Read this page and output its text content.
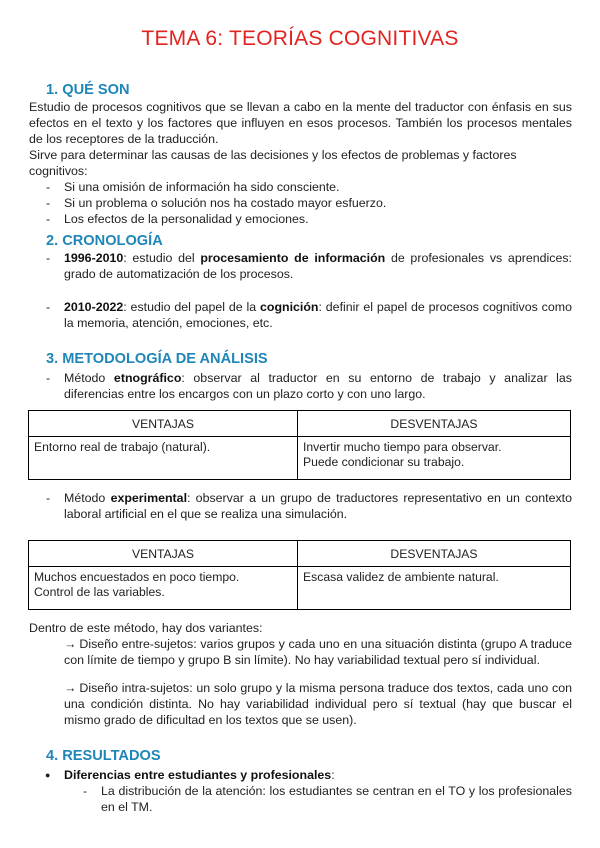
TEMA 6: TEORÍAS COGNITIVAS
1. QUÉ SON

Estudio de procesos cognitivos que se llevan a cabo en la mente del traductor con énfasis en sus efectos en el texto y los factores que influyen en esos procesos. También los procesos mentales de los receptores de la traducción.

Sirve para determinar las causas de las decisiones y los efectos de problemas y factores cognitivos:

- Si una omisión de información ha sido consciente.

- Si un problema o solución nos ha costado mayor esfuerzo.

- Los efectos de la personalidad y emociones.

2. CRONOLOGÍA

- 1996-2010: estudio del procesamiento de información de profesionales vs aprendices: grado de automatización de los procesos.

- 2010-2022: estudio del papel de la cognición: definir el papel de procesos cognitivos como la memoria, atención, emociones, etc.

3. METODOLOGÍA DE ANÁLISIS

- Método etnográfico: observar al traductor en su entorno de trabajo y analizar las diferencias entre los encargos con un plazo corto y con uno largo.

VENTAJAS	DESVENTAJAS

Entorno real de trabajo (natural).	Invertir mucho tiempo para observar.
Puede condicionar su trabajo.

- Método experimental: observar a un grupo de traductores representativo en un contexto laboral artificial en el que se realiza una simulación.

VENTAJAS	DESVENTAJAS

Muchos encuestados en poco tiempo.
Control de las variables.	Escasa validez de ambiente natural.

Dentro de este método, hay dos variantes:

→ Diseño entre-sujetos: varios grupos y cada uno en una situación distinta (grupo A traduce con límite de tiempo y grupo B sin límite). No hay variabilidad textual pero sí individual.

→ Diseño intra-sujetos: un solo grupo y la misma persona traduce dos textos, cada uno con una condición distinta. No hay variabilidad individual pero sí textual (hay que buscar el mismo grado de dificultad en los textos que se usen).

4. RESULTADOS

● Diferencias entre estudiantes y profesionales:

- La distribución de la atención: los estudiantes se centran en el TO y los profesionales en el TM.
